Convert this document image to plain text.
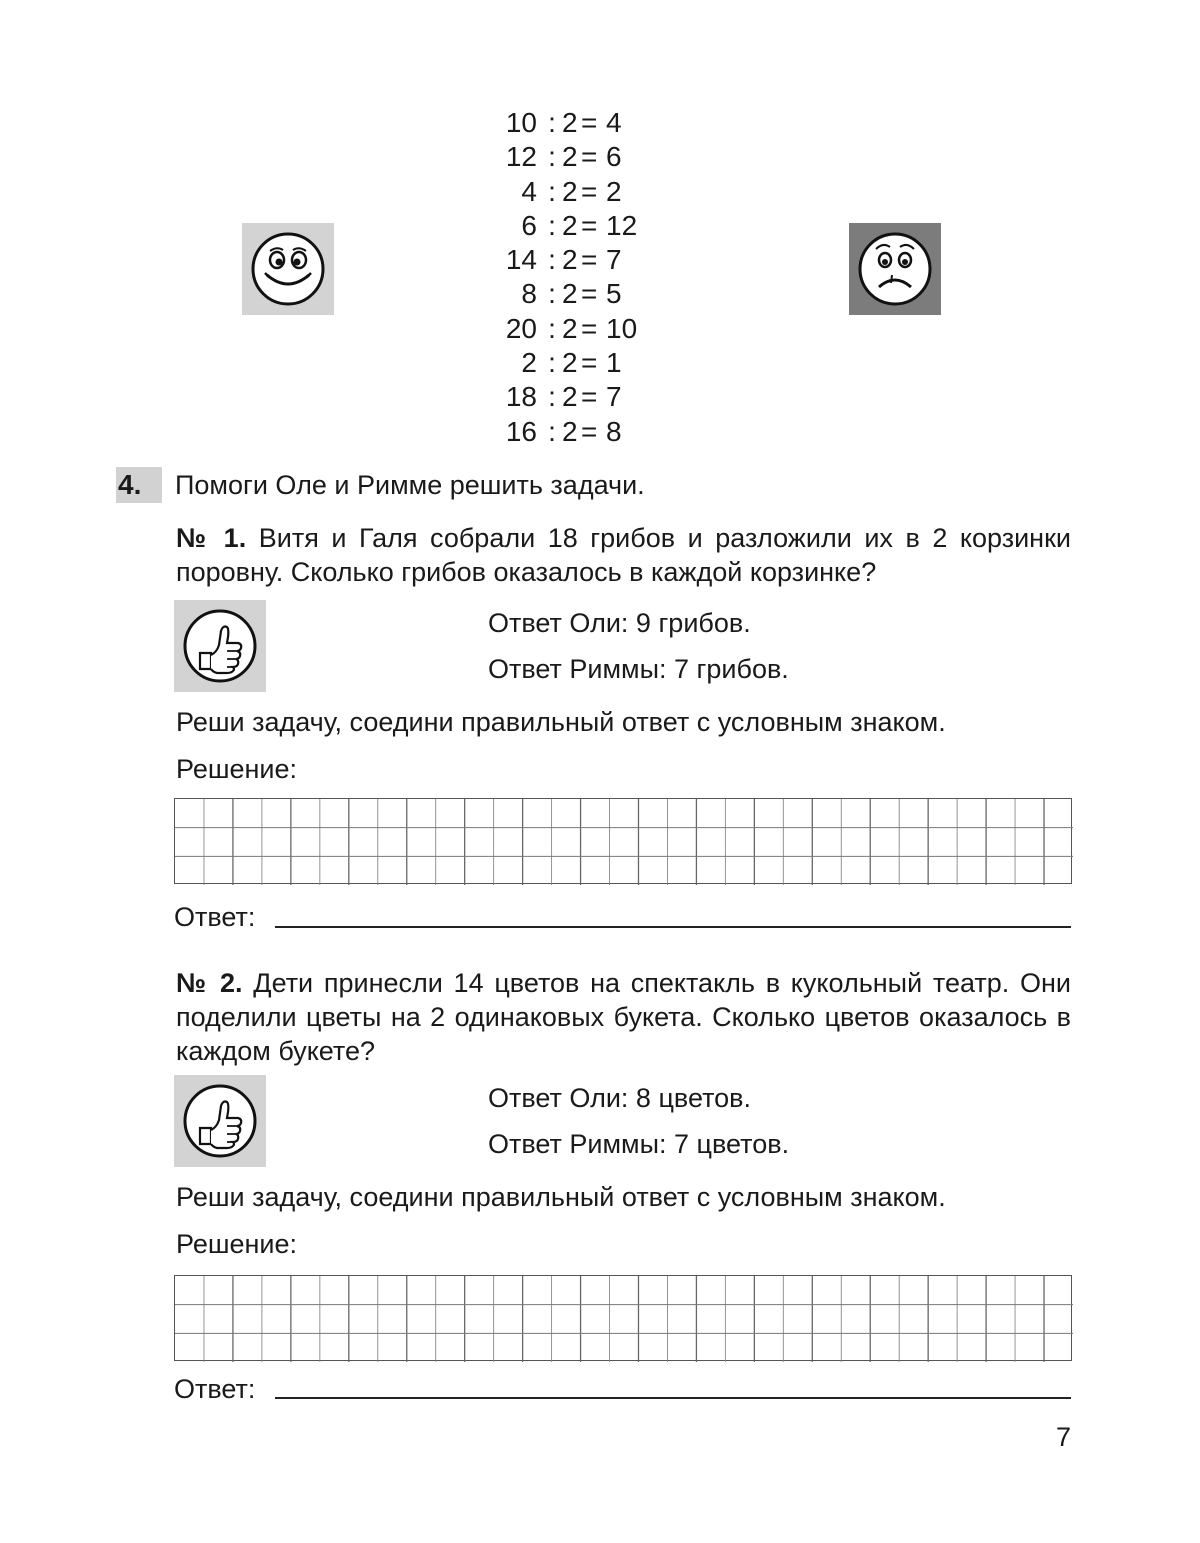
10 : 2 = 4
12 : 2 = 6
4 : 2 = 2
6 : 2 = 12
14 : 2 = 7
8 : 2 = 5
20 : 2 = 10
2 : 2 = 1
18 : 2 = 7
16 : 2 = 8
4.	Помоги Оле и Римме решить задачи.
№ 1. Витя и Галя собрали 18 грибов и разложили их в 2 корзинки поровну. Сколько грибов оказалось в каждой корзинке?
Ответ Оли: 9 грибов.
Ответ Риммы: 7 грибов.
Реши задачу, соедини правильный ответ с условным знаком.
Решение:
Ответ:
№ 2. Дети принесли 14 цветов на спектакль в кукольный театр. Они поделили цветы на 2 одинаковых букета. Сколько цветов оказалось в каждом букете?
Ответ Оли: 8 цветов.
Ответ Риммы: 7 цветов.
Реши задачу, соедини правильный ответ с условным знаком.
Решение:
Ответ:
7
